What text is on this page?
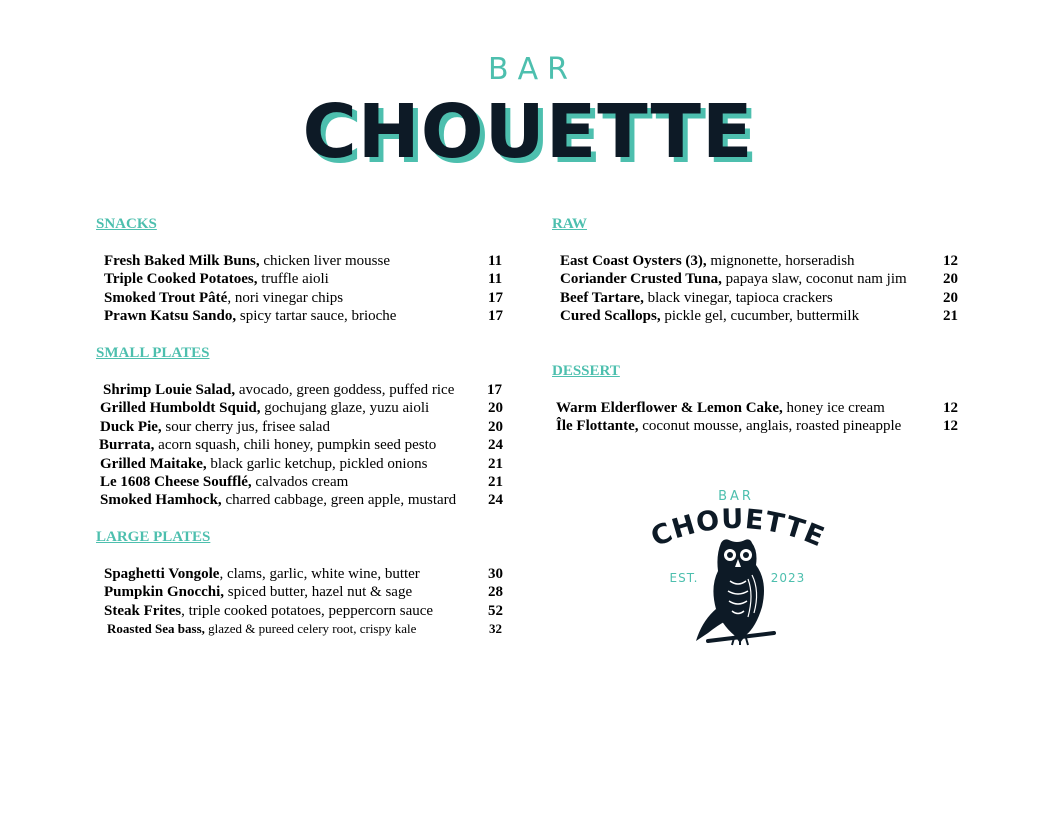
BAR
CHOUETTE
SNACKS
Fresh Baked Milk Buns, chicken liver mousse	11
Triple Cooked Potatoes, truffle aioli	11
Smoked Trout Pâté, nori vinegar chips	17
Prawn Katsu Sando, spicy tartar sauce, brioche	17
SMALL PLATES
Shrimp Louie Salad, avocado, green goddess, puffed rice 17
Grilled Humboldt Squid, gochujang glaze, yuzu aioli	20
Duck Pie, sour cherry jus, frisee salad	20
Burrata, acorn squash, chili honey, pumpkin seed pesto	24
Grilled Maitake, black garlic ketchup, pickled onions	21
Le 1608 Cheese Soufflé, calvados cream	21
Smoked Hamhock, charred cabbage, green apple, mustard 24
LARGE PLATES
Spaghetti Vongole, clams, garlic, white wine, butter	30
Pumpkin Gnocchi, spiced butter, hazel nut & sage	28
Steak Frites, triple cooked potatoes, peppercorn sauce	52
Roasted Sea bass, glazed & pureed celery root, crispy kale	32
RAW
East Coast Oysters (3), mignonette, horseradish	12
Coriander Crusted Tuna, papaya slaw, coconut nam jim 20
Beef Tartare, black vinegar, tapioca crackers	20
Cured Scallops, pickle gel, cucumber, buttermilk	21
DESSERT
Warm Elderflower & Lemon Cake, honey ice cream	12
Île Flottante, coconut mousse, anglais, roasted pineapple	12
BAR
CHOUETTE
EST.	2023
